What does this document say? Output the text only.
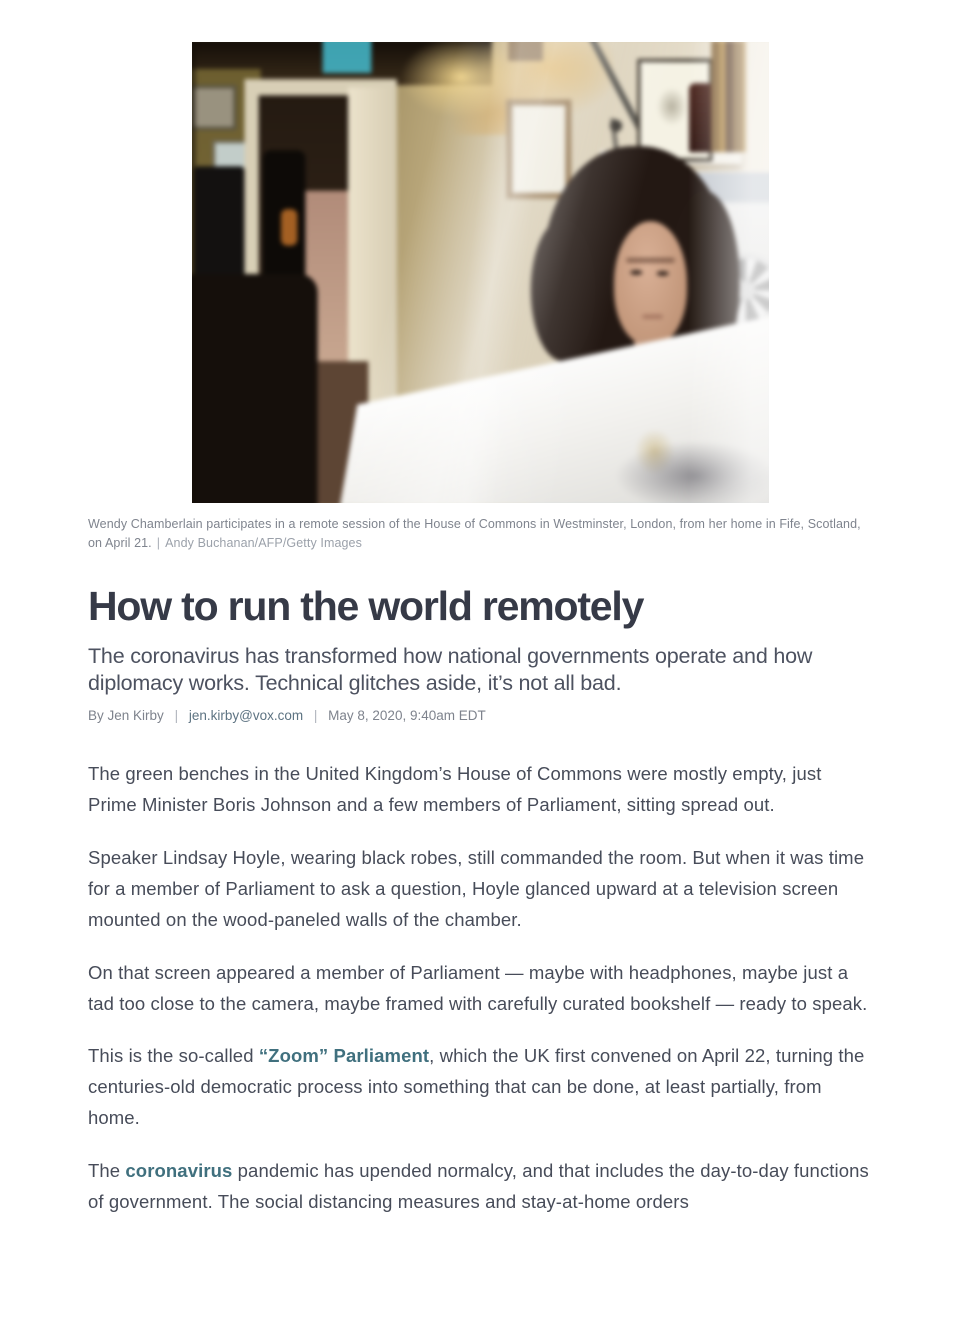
Wendy Chamberlain participates in a remote session of the House of Commons in Westminster, London, from her home in Fife, Scotland, on April 21. | Andy Buchanan/AFP/Getty Images
How to run the world remotely

The coronavirus has transformed how national governments operate and how diplomacy works. Technical glitches aside, it’s not all bad.

By Jen Kirby | jen.kirby@vox.com | May 8, 2020, 9:40am EDT

The green benches in the United Kingdom’s House of Commons were mostly empty, just Prime Minister Boris Johnson and a few members of Parliament, sitting spread out.

Speaker Lindsay Hoyle, wearing black robes, still commanded the room. But when it was time for a member of Parliament to ask a question, Hoyle glanced upward at a television screen mounted on the wood-paneled walls of the chamber.

On that screen appeared a member of Parliament — maybe with headphones, maybe just a tad too close to the camera, maybe framed with carefully curated bookshelf — ready to speak.

This is the so-called “Zoom” Parliament, which the UK first convened on April 22, turning the centuries-old democratic process into something that can be done, at least partially, from home.

The coronavirus pandemic has upended normalcy, and that includes the day-to-day functions of government. The social distancing measures and stay-at-home orders
